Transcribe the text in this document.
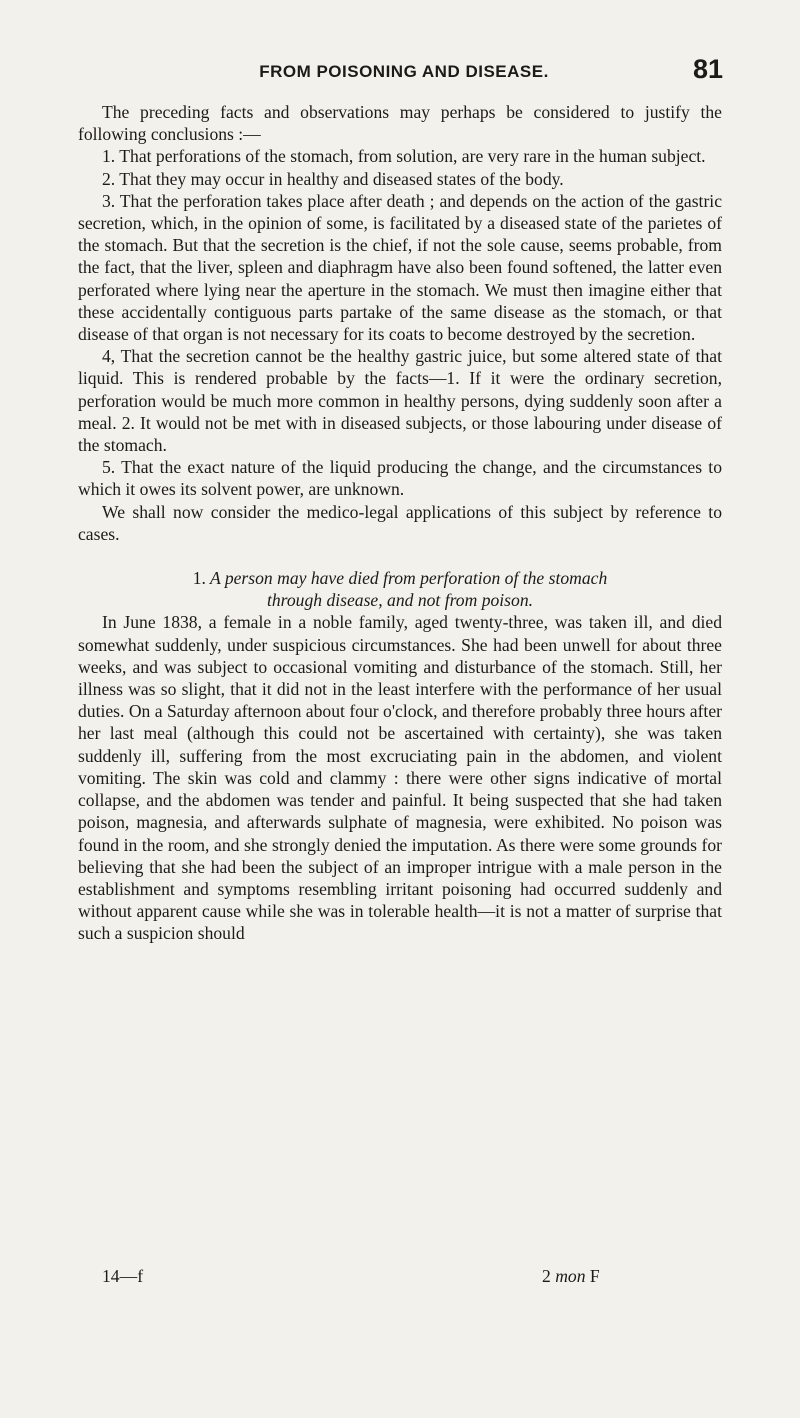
FROM POISONING AND DISEASE.	81

The preceding facts and observations may perhaps be considered to justify the following conclusions :—

1. That perforations of the stomach, from solution, are very rare in the human subject.

2. That they may occur in healthy and diseased states of the body.

3. That the perforation takes place after death ; and depends on the action of the gastric secretion, which, in the opinion of some, is facilitated by a diseased state of the parietes of the stomach. But that the secretion is the chief, if not the sole cause, seems probable, from the fact, that the liver, spleen and diaphragm have also been found softened, the latter even perforated where lying near the aperture in the stomach. We must then imagine either that these accidentally contiguous parts partake of the same disease as the stomach, or that disease of that organ is not necessary for its coats to become destroyed by the secretion.

4, That the secretion cannot be the healthy gastric juice, but some altered state of that liquid. This is rendered probable by the facts—1. If it were the ordinary secretion, perforation would be much more common in healthy persons, dying suddenly soon after a meal. 2. It would not be met with in diseased subjects, or those labouring under disease of the stomach.

5. That the exact nature of the liquid producing the change, and the circumstances to which it owes its solvent power, are unknown.

We shall now consider the medico-legal applications of this subject by reference to cases.

1. A person may have died from perforation of the stomach
through disease, and not from poison.

In June 1838, a female in a noble family, aged twenty-three, was taken ill, and died somewhat suddenly, under suspicious circumstances. She had been unwell for about three weeks, and was subject to occasional vomiting and disturbance of the stomach. Still, her illness was so slight, that it did not in the least interfere with the performance of her usual duties. On a Saturday afternoon about four o'clock, and therefore probably three hours after her last meal (although this could not be ascertained with certainty), she was taken suddenly ill, suffering from the most excruciating pain in the abdomen, and violent vomiting. The skin was cold and clammy : there were other signs indicative of mortal collapse, and the abdomen was tender and painful. It being suspected that she had taken poison, magnesia, and afterwards sulphate of magnesia, were exhibited. No poison was found in the room, and she strongly denied the imputation. As there were some grounds for believing that she had been the subject of an improper intrigue with a male person in the establishment and symptoms resembling irritant poisoning had occurred suddenly and without apparent cause while she was in tolerable health—it is not a matter of surprise that such a suspicion should

14—f	2 mon F
